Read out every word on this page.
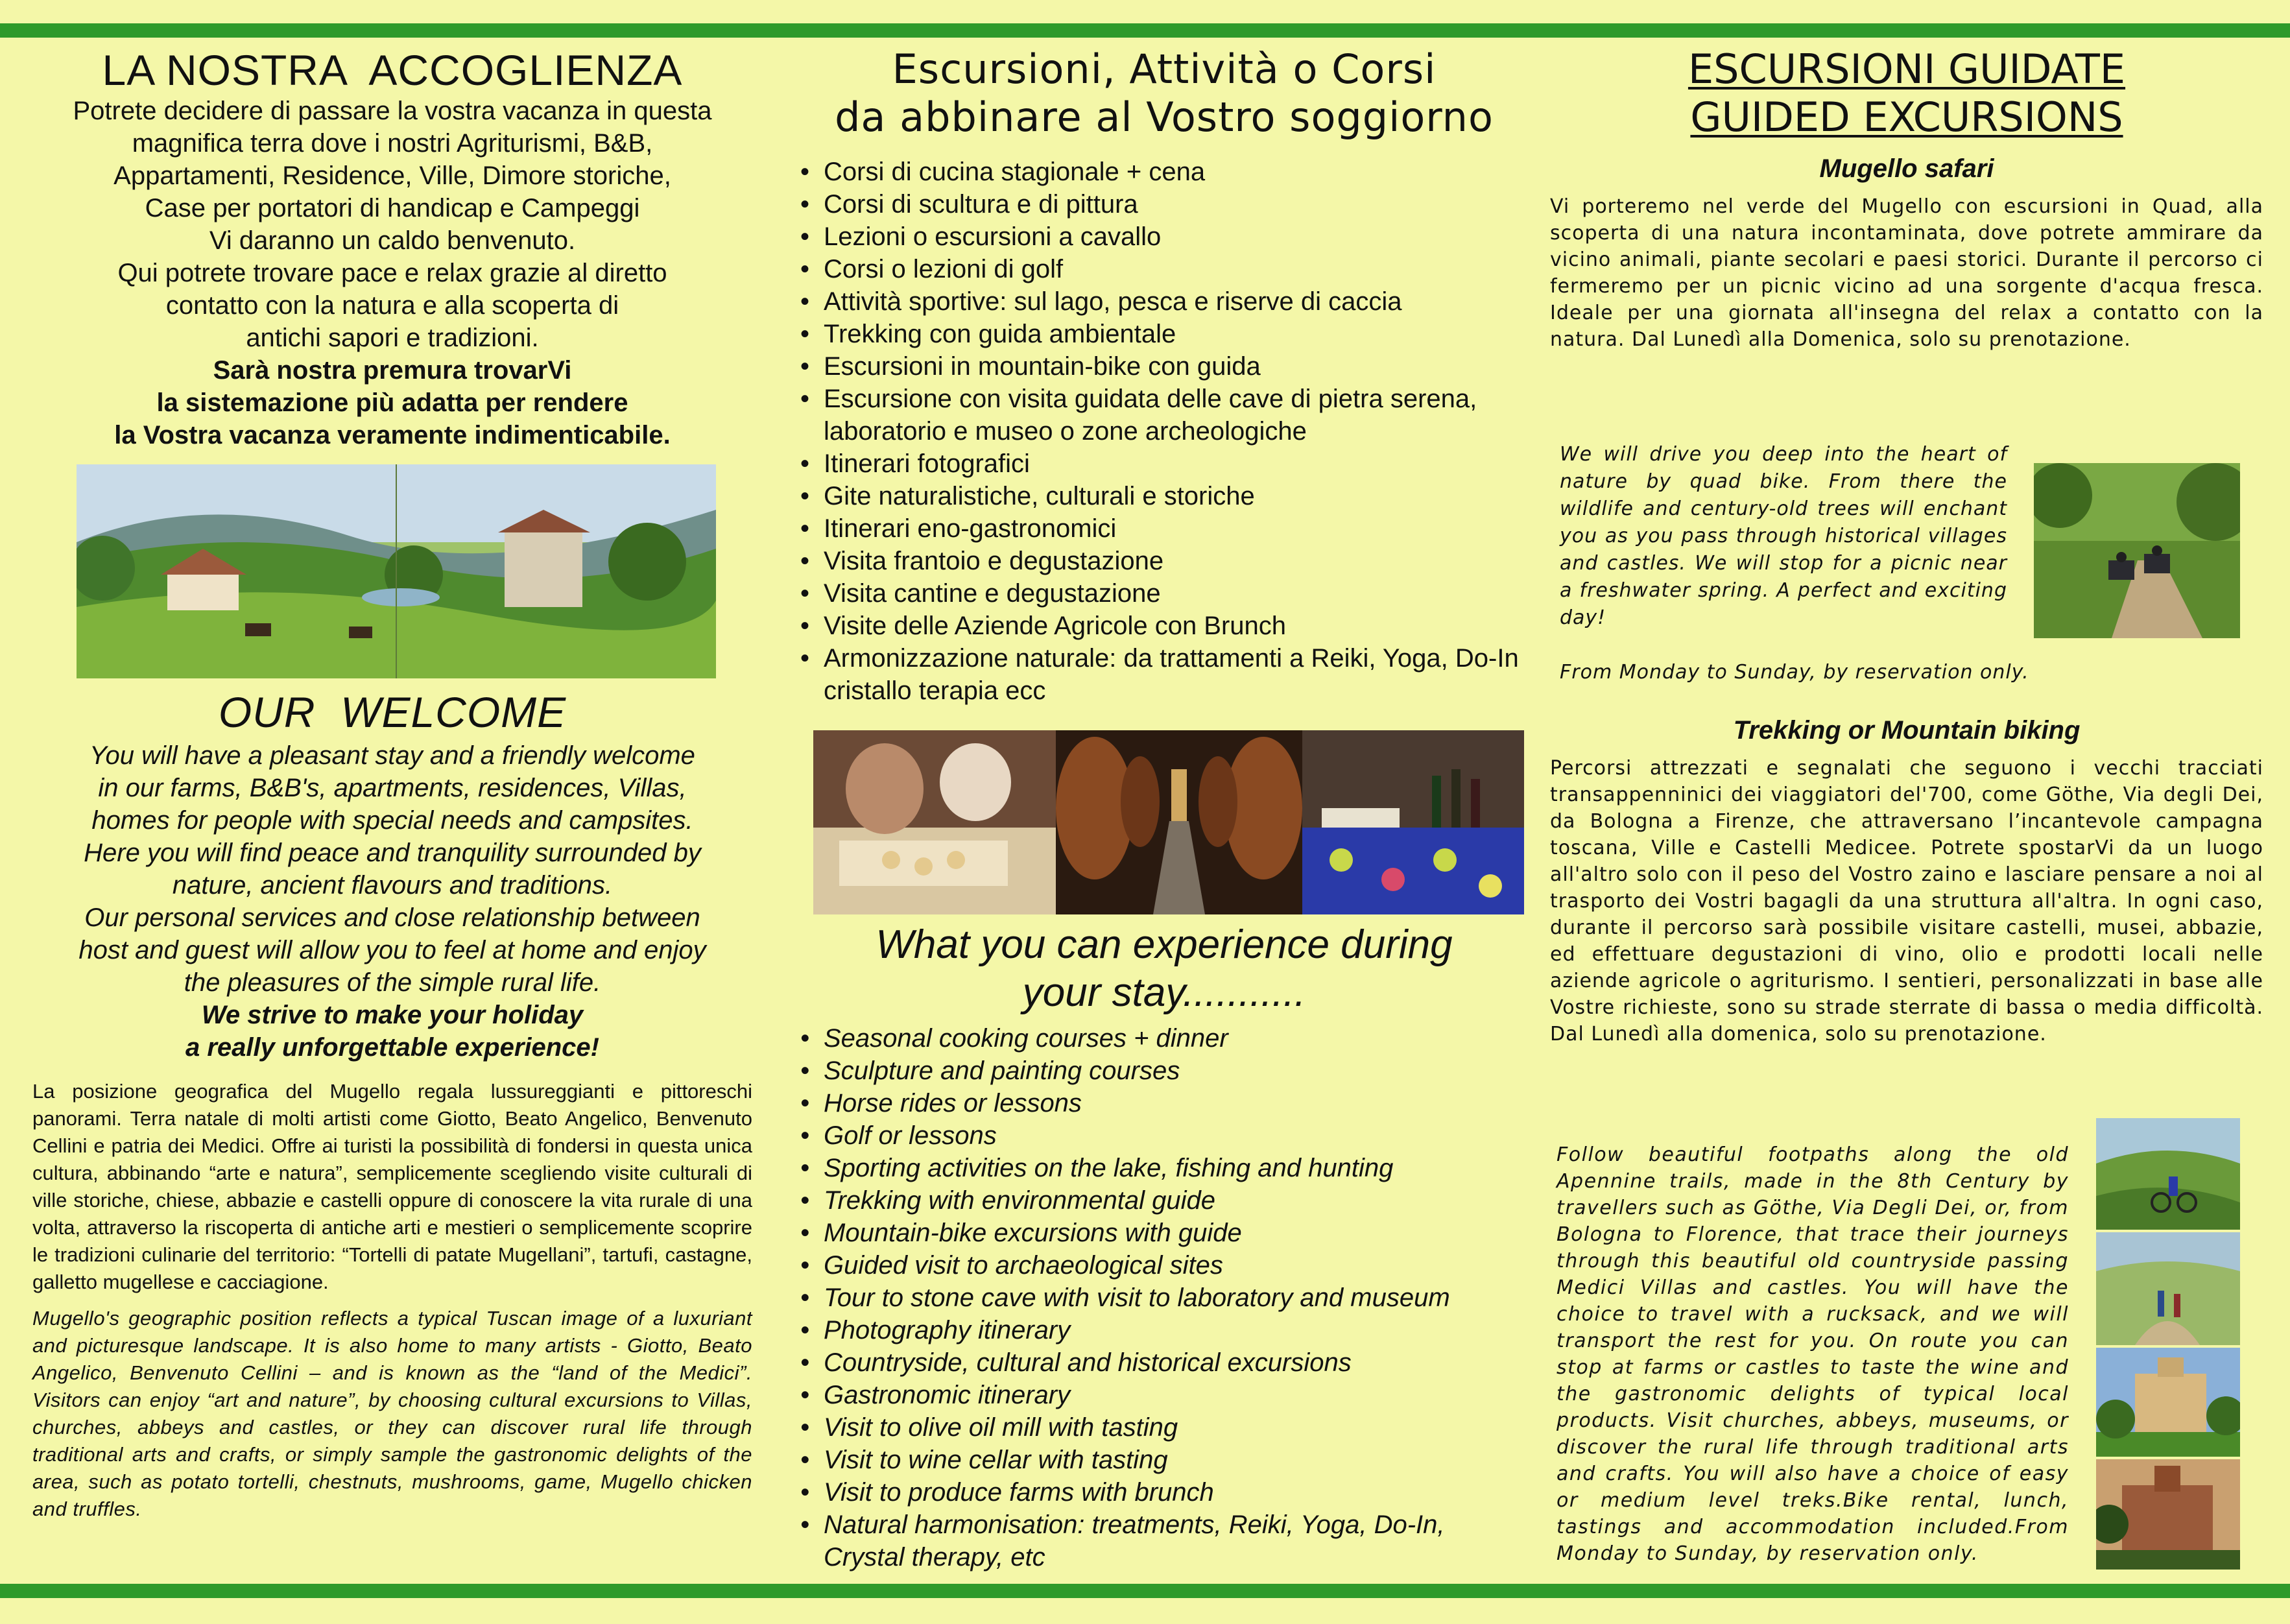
LA NOSTRA  ACCOGLIENZA

Potrete decidere di passare la vostra vacanza in questa

magnifica terra dove i nostri Agriturismi, B&B,

Appartamenti, Residence, Ville, Dimore storiche,

Case per portatori di handicap e Campeggi

Vi daranno un caldo benvenuto.

Qui potrete trovare pace e relax grazie al diretto

contatto con la natura e alla scoperta di

antichi sapori e tradizioni.

Sarà nostra premura trovarVi

la sistemazione più adatta per rendere

la Vostra vacanza veramente indimenticabile.

OUR  WELCOME

You will have a pleasant stay and a friendly welcome

in our farms, B&B's, apartments, residences, Villas,

homes for people with special needs and campsites.

Here you will find peace and tranquility surrounded by

nature, ancient flavours and traditions.

Our personal services and close relationship between

host and guest will allow you to feel at home and enjoy

the pleasures of the simple rural life.

We strive to make your holiday

a really unforgettable experience!

La posizione geografica del Mugello regala lussureggianti e pittoreschi panorami. Terra natale di molti artisti come Giotto, Beato Angelico, Benvenuto Cellini e patria dei Medici. Offre ai turisti la possibilità di fondersi in questa unica cultura, abbinando “arte e natura”, semplicemente scegliendo visite culturali di ville storiche, chiese, abbazie e castelli oppure di conoscere la vita rurale di una volta, attraverso la riscoperta di antiche arti e mestieri o semplicemente scoprire le tradizioni culinarie del territorio: “Tortelli di patate Mugellani”, tartufi, castagne, galletto mugellese e cacciagione.

Mugello's geographic position reflects a typical Tuscan image of a luxuriant and picturesque landscape. It is also home to many artists - Giotto, Beato Angelico, Benvenuto Cellini – and is known as the “land of the Medici”. Visitors can enjoy “art and nature”, by choosing cultural excursions to Villas, churches, abbeys and castles, or they can discover rural life through traditional arts and crafts, or simply sample the gastronomic delights of the area, such as potato tortelli, chestnuts, mushrooms, game, Mugello chicken and truffles.

Escursioni, Attività o Corsi
da abbinare al Vostro soggiorno
• Corsi di cucina stagionale + cena
• Corsi di scultura e di pittura
• Lezioni o escursioni a cavallo
• Corsi o lezioni di golf
• Attività sportive: sul lago, pesca e riserve di caccia
• Trekking con guida ambientale
• Escursioni in mountain-bike con guida
• Escursione con visita guidata delle cave di pietra serena, laboratorio e museo o zone archeologiche
• Itinerari fotografici
• Gite naturalistiche, culturali e storiche
• Itinerari eno-gastronomici
• Visita frantoio e degustazione
• Visita cantine e degustazione
• Visite delle Aziende Agricole con Brunch
• Armonizzazione naturale: da trattamenti a Reiki, Yoga, Do-In cristallo terapia ecc
What you can experience during
your stay...........
• Seasonal cooking courses + dinner
• Sculpture and painting courses
• Horse rides or lessons
• Golf or lessons
• Sporting activities on the lake, fishing and hunting
• Trekking with environmental guide
• Mountain-bike excursions with guide
• Guided visit to archaeological sites
• Tour to stone cave with visit to laboratory and museum
• Photography itinerary
• Countryside, cultural and historical excursions
• Gastronomic itinerary
• Visit to olive oil mill with tasting
• Visit to wine cellar with tasting
• Visit to produce farms with brunch
• Natural harmonisation: treatments, Reiki, Yoga, Do-In, Crystal therapy, etc
ESCURSIONI GUIDATE
GUIDED EXCURSIONS
Mugello safari

Vi porteremo nel verde del Mugello con escursioni in Quad, alla scoperta di una natura incontaminata, dove potrete ammirare da vicino animali, piante secolari e paesi storici. Durante il percorso ci fermeremo per un picnic vicino ad una sorgente d'acqua fresca. Ideale per una giornata all'insegna del relax a contatto con la natura. Dal Lunedì alla Domenica, solo su prenotazione.

We will drive you deep into the heart of nature by quad bike. From there the wildlife and century-old trees will enchant you as you pass through historical villages and castles. We will stop for a picnic near a freshwater spring. A perfect and exciting day!

From Monday to Sunday, by reservation only.

Trekking or Mountain biking

Percorsi attrezzati e segnalati che seguono i vecchi tracciati transappenninici dei viaggiatori del'700, come Göthe, Via degli Dei, da Bologna a Firenze, che attraversano l’incantevole campagna toscana, Ville e Castelli Medicee. Potrete spostarVi da un luogo all'altro solo con il peso del Vostro zaino e lasciare pensare a noi al trasporto dei Vostri bagagli da una struttura all'altra. In ogni caso, durante il percorso sarà possibile visitare castelli, musei, abbazie, ed effettuare degustazioni di vino, olio e prodotti locali nelle aziende agricole o agriturismo. I sentieri, personalizzati in base alle Vostre richieste, sono su strade sterrate di bassa o media difficoltà. Dal Lunedì alla domenica, solo su prenotazione.

Follow beautiful footpaths along the old Apennine trails, made in the 8th Century by travellers such as Göthe, Via Degli Dei, or, from Bologna to Florence, that trace their journeys through this beautiful old countryside passing Medici Villas and castles. You will have the choice to travel with a rucksack, and we will transport the rest for you. On route you can stop at farms or castles to taste the wine and the gastronomic delights of typical local products. Visit churches, abbeys, museums, or discover the rural life through traditional arts and crafts. You will also have a choice of easy or medium level treks.Bike rental, lunch, tastings and accommodation included.From Monday to Sunday, by reservation only.
